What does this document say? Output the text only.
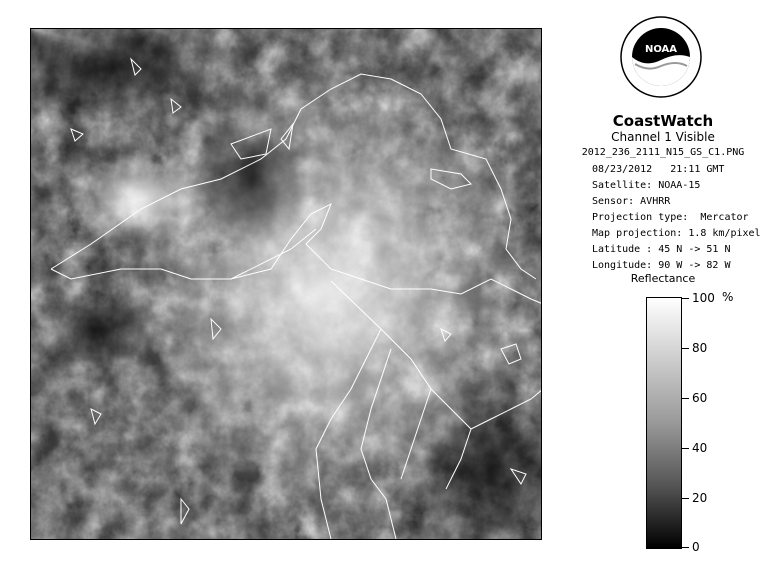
NOAA
CoastWatch
Channel 1 Visible
2012_236_2111_N15_GS_C1.PNG
08/23/2012   21:11 GMT
Satellite: NOAA-15
Sensor: AVHRR
Projection type:  Mercator
Map projection: 1.8 km/pixel
Latitude : 45 N -> 51 N
Longitude: 90 W -> 82 W
Reflectance
%
100
80
60
40
20
0
